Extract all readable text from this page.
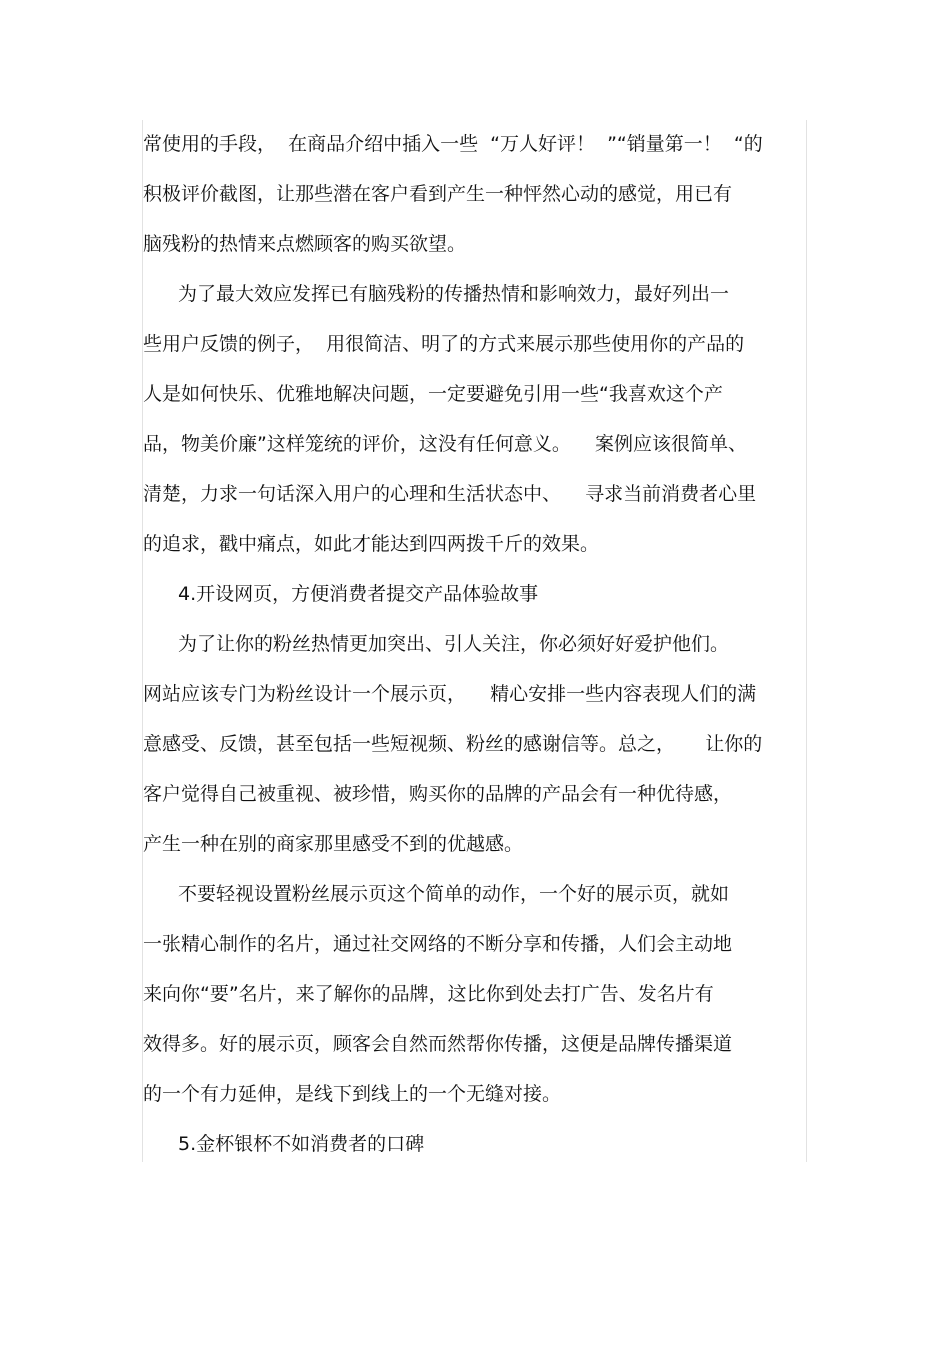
常使用的手段，  在商品介绍中插入一些  “万人好评！  ”“销量第一！  “的
积极评价截图，让那些潜在客户看到产生一种怦然心动的感觉，用已有
脑残粉的热情来点燃顾客的购买欲望。
为了最大效应发挥已有脑残粉的传播热情和影响效力，最好列出一
些用户反馈的例子，  用很简洁、明了的方式来展示那些使用你的产品的
人是如何快乐、优雅地解决问题，一定要避免引用一些“我喜欢这个产
品，物美价廉”这样笼统的评价，这没有任何意义。    案例应该很简单、
清楚，力求一句话深入用户的心理和生活状态中、    寻求当前消费者心里
的追求，戳中痛点，如此才能达到四两拨千斤的效果。
4.开设网页，方便消费者提交产品体验故事
为了让你的粉丝热情更加突出、引人关注，你必须好好爱护他们。
网站应该专门为粉丝设计一个展示页，    精心安排一些内容表现人们的满
意感受、反馈，甚至包括一些短视频、粉丝的感谢信等。总之，     让你的
客户觉得自己被重视、被珍惜，购买你的品牌的产品会有一种优待感，
产生一种在别的商家那里感受不到的优越感。
不要轻视设置粉丝展示页这个简单的动作，一个好的展示页，就如
一张精心制作的名片，通过社交网络的不断分享和传播，人们会主动地
来向你“要”名片，来了解你的品牌，这比你到处去打广告、发名片有
效得多。好的展示页，顾客会自然而然帮你传播，这便是品牌传播渠道
的一个有力延伸，是线下到线上的一个无缝对接。
5.金杯银杯不如消费者的口碑
